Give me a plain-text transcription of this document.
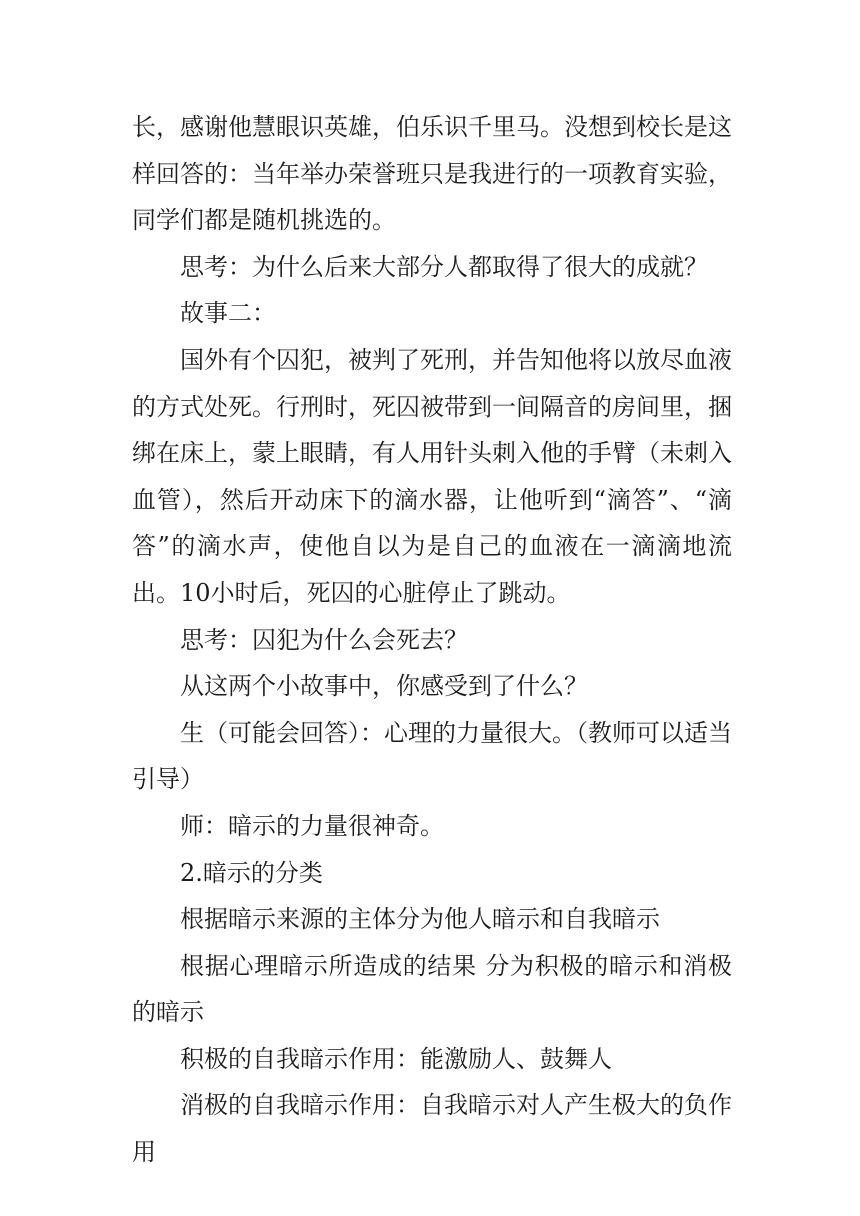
长，感谢他慧眼识英雄，伯乐识千里马。没想到校长是这样回答的：当年举办荣誉班只是我进行的一项教育实验，同学们都是随机挑选的。

思考：为什么后来大部分人都取得了很大的成就？

故事二：

国外有个囚犯，被判了死刑，并告知他将以放尽血液的方式处死。行刑时，死囚被带到一间隔音的房间里，捆绑在床上，蒙上眼睛，有人用针头刺入他的手臂（未刺入血管），然后开动床下的滴水器，让他听到“滴答”、“滴答”的滴水声，使他自以为是自己的血液在一滴滴地流出。10小时后，死囚的心脏停止了跳动。

思考：囚犯为什么会死去？

从这两个小故事中，你感受到了什么？

生（可能会回答）：心理的力量很大。（教师可以适当引导）

师：暗示的力量很神奇。

2.暗示的分类

根据暗示来源的主体分为他人暗示和自我暗示

根据心理暗示所造成的结果 分为积极的暗示和消极的暗示

积极的自我暗示作用：能激励人、鼓舞人

消极的自我暗示作用：自我暗示对人产生极大的负作用
